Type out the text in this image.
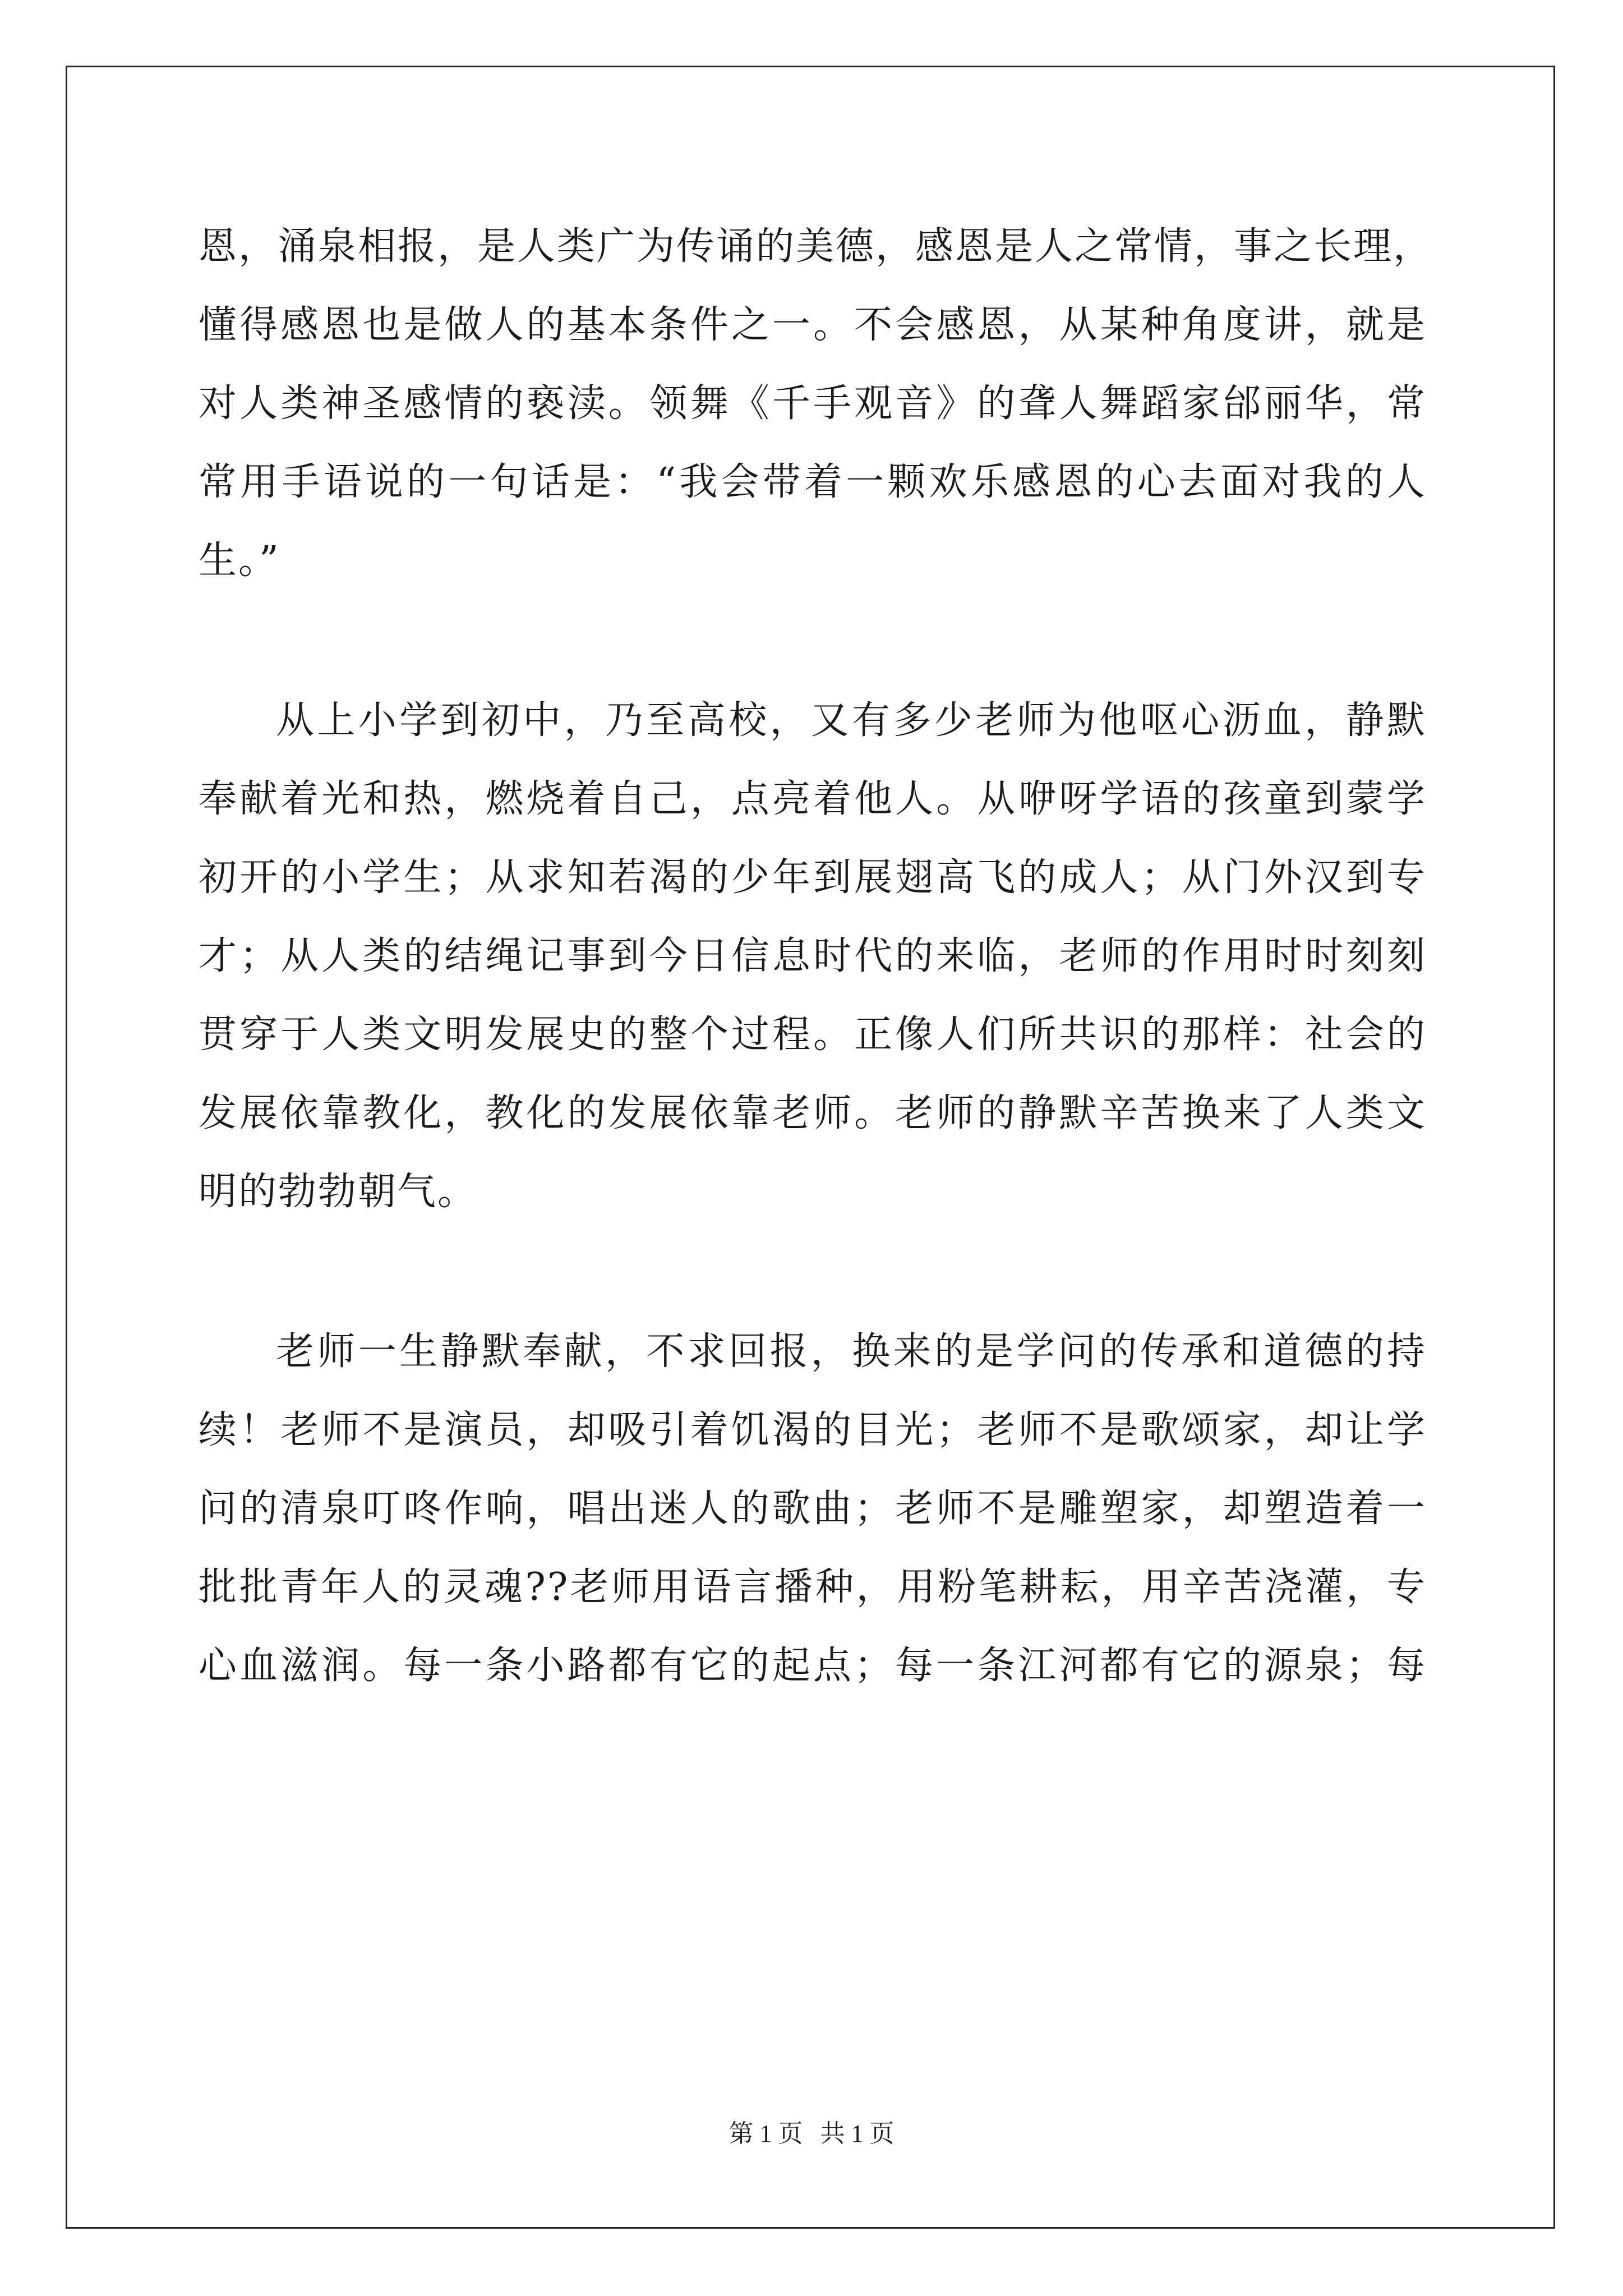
恩，涌泉相报，是人类广为传诵的美德，感恩是人之常情，事之长理，
懂得感恩也是做人的基本条件之一。不会感恩，从某种角度讲，就是
对人类神圣感情的亵渎。领舞《千手观音》的聋人舞蹈家邰丽华，常
常用手语说的一句话是：“我会带着一颗欢乐感恩的心去面对我的人
生。”
从上小学到初中，乃至高校，又有多少老师为他呕心沥血，静默
奉献着光和热，燃烧着自己，点亮着他人。从咿呀学语的孩童到蒙学
初开的小学生；从求知若渴的少年到展翅高飞的成人；从门外汉到专
才；从人类的结绳记事到今日信息时代的来临，老师的作用时时刻刻
贯穿于人类文明发展史的整个过程。正像人们所共识的那样：社会的
发展依靠教化，教化的发展依靠老师。老师的静默辛苦换来了人类文
明的勃勃朝气。
老师一生静默奉献，不求回报，换来的是学问的传承和道德的持
续！老师不是演员，却吸引着饥渴的目光；老师不是歌颂家，却让学
问的清泉叮咚作响，唱出迷人的歌曲；老师不是雕塑家，却塑造着一
批批青年人的灵魂??老师用语言播种，用粉笔耕耘，用辛苦浇灌，专
心血滋润。每一条小路都有它的起点；每一条江河都有它的源泉；每
第 1 页 共 1 页
